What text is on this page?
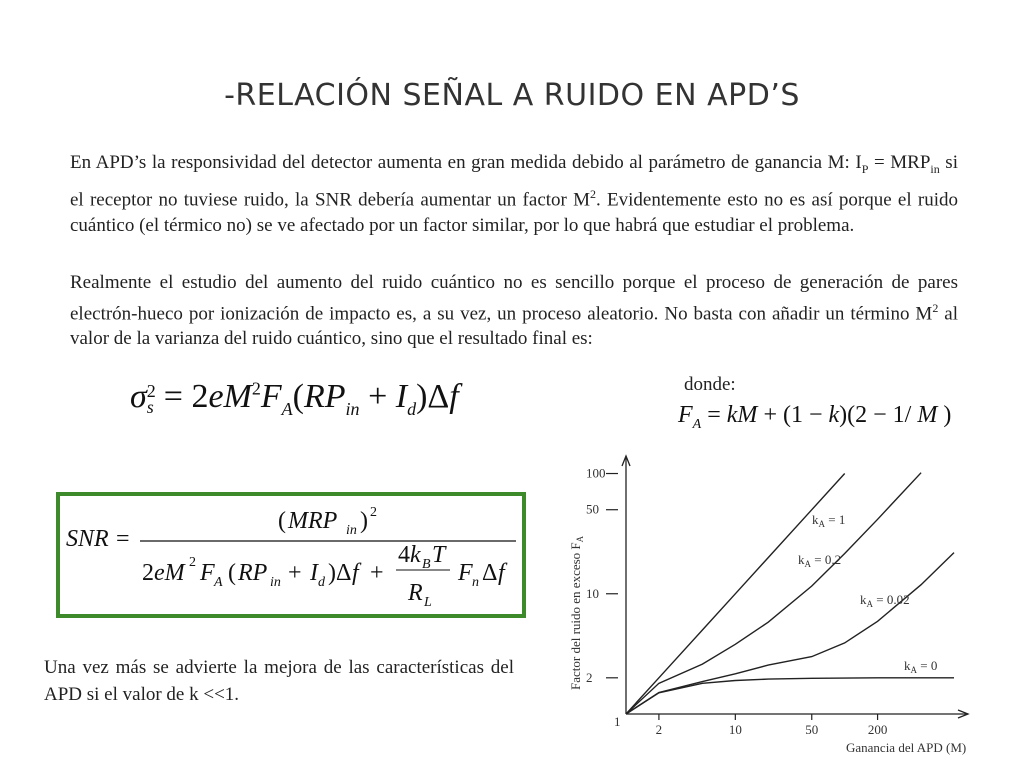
-RELACIÓN SEÑAL A RUIDO EN APD’S
En APD’s la responsividad del detector aumenta en gran medida debido al parámetro de ganancia M: $I_P = MRP_{in}$ si el receptor no tuviese ruido, la SNR debería aumentar un factor $M^2$. Evidentemente esto no es así porque el ruido cuántico (el térmico no) se ve afectado por un factor similar, por lo que habrá que estudiar el problema.
Realmente el estudio del aumento del ruido cuántico no es sencillo porque el proceso de generación de pares electrón-hueco por ionización de impacto es, a su vez, un proceso aleatorio. No basta con añadir un término $M^2$ al valor de la varianza del ruido cuántico, sino que el resultado final es:
σ 2
$s = 2eM^2F_A(RP_{in} + I_d)\Delta f$	donde:
$F_A$ = kM + (1 − k)(2 − 1/ M )
SNR =
( MRP in ) 2
2 eM 2 F A ( RP in + I d )Δ f +
4 k B T
R L
F n Δ f
Una vez más se advierte la mejora de las características del APD si el valor de k <<1.
1
2
10
50
100
2	10	50	200
$k_A = 1$
$k_A = 0.2$
$k_A = 0.02$
$k_A = 0$
Ganancia del APD (M)
Factor del ruido en exceso $F_A$
